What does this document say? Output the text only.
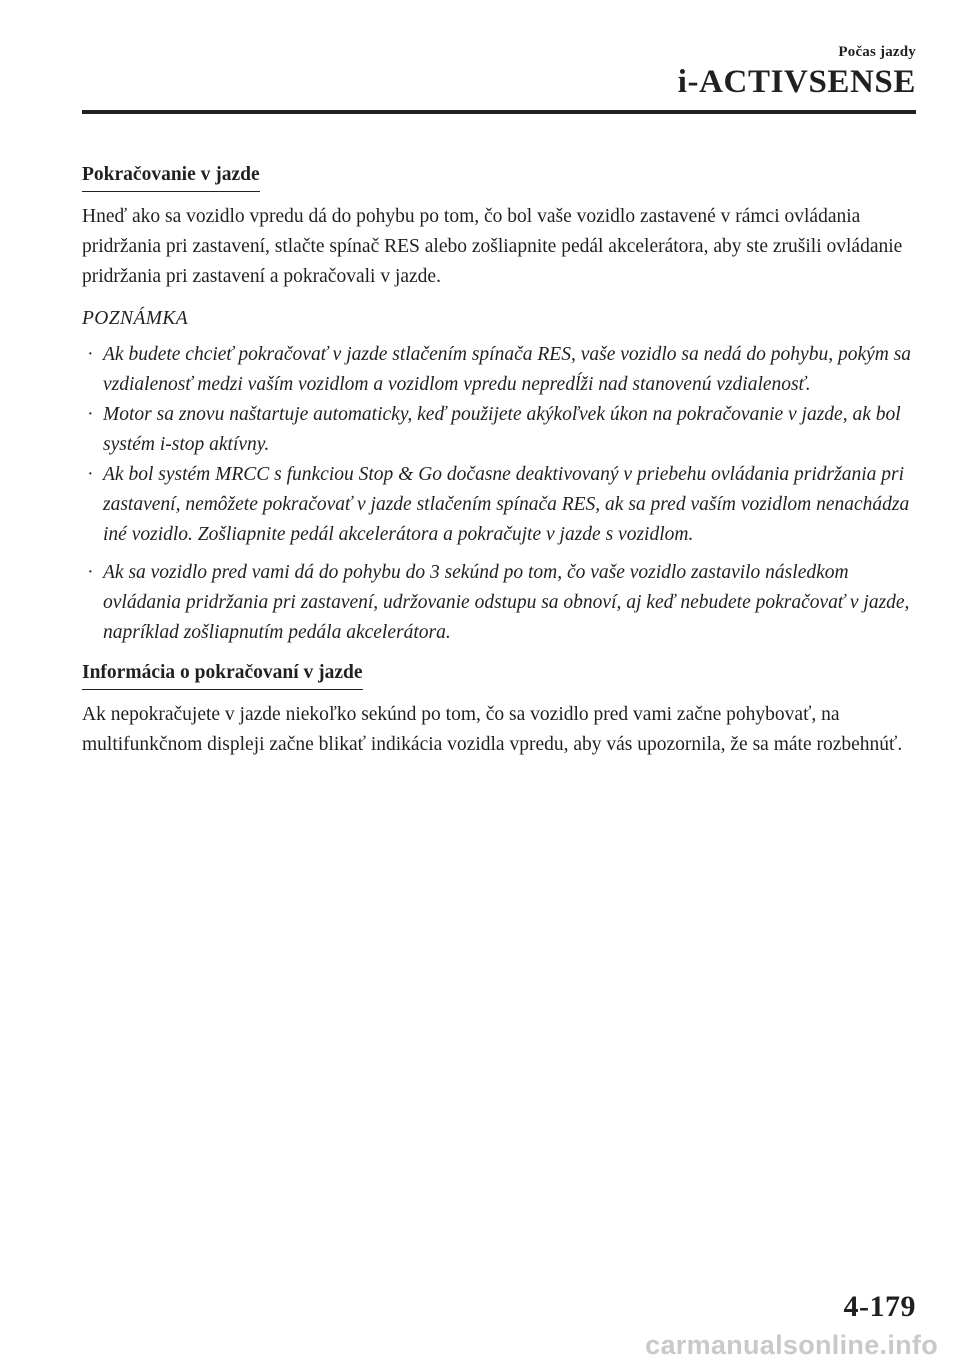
Počas jazdy
i-ACTIVSENSE
Pokračovanie v jazde

Hneď ako sa vozidlo vpredu dá do pohybu po tom, čo bol vaše vozidlo zastavené v rámci ovládania pridržania pri zastavení, stlačte spínač RES alebo zošliapnite pedál akcelerátora, aby ste zrušili ovládanie pridržania pri zastavení a pokračovali v jazde.

POZNÁMKA

· Ak budete chcieť pokračovať v jazde stlačením spínača RES, vaše vozidlo sa nedá do pohybu, pokým sa vzdialenosť medzi vaším vozidlom a vozidlom vpredu nepredĺži nad stanovenú vzdialenosť.
· Motor sa znovu naštartuje automaticky, keď použijete akýkoľvek úkon na pokračovanie v jazde, ak bol systém i-stop aktívny.
· Ak bol systém MRCC s funkciou Stop & Go dočasne deaktivovaný v priebehu ovládania pridržania pri zastavení, nemôžete pokračovať v jazde stlačením spínača RES, ak sa pred vaším vozidlom nenachádza iné vozidlo. Zošliapnite pedál akcelerátora a pokračujte v jazde s vozidlom.
· Ak sa vozidlo pred vami dá do pohybu do 3 sekúnd po tom, čo vaše vozidlo zastavilo následkom ovládania pridržania pri zastavení, udržovanie odstupu sa obnoví, aj keď nebudete pokračovať v jazde, napríklad zošliapnutím pedála akcelerátora.
Informácia o pokračovaní v jazde

Ak nepokračujete v jazde niekoľko sekúnd po tom, čo sa vozidlo pred vami začne pohybovať, na multifunkčnom displeji začne blikať indikácia vozidla vpredu, aby vás upozornila, že sa máte rozbehnúť.

4-179
carmanualsonline.info
